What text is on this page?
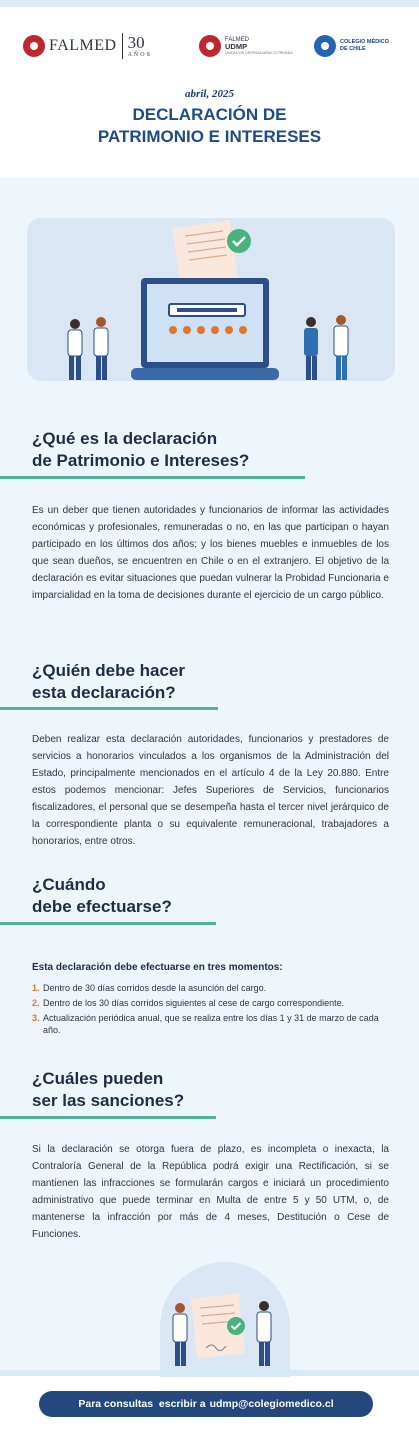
FALMED 30
AÑOS
FALMED
UDMP
UNIDAD DE DEFENSA MÉDICO PRIVADA
COLEGIO MÉDICO DE CHILE
abril, 2025
DECLARACIÓN DE
PATRIMONIO E INTERESES
¿Qué es la declaración
de Patrimonio e Intereses?

Es un deber que tienen autoridades y funcionarios de informar las actividades económicas y profesionales, remuneradas o no, en las que participan o hayan participado en los últimos dos años; y los bienes muebles e inmuebles de los que sean dueños, se encuentren en Chile o en el extranjero. El objetivo de la declaración es evitar situaciones que puedan vulnerar la Probidad Funcionaria e imparcialidad en la toma de decisiones durante el ejercicio de un cargo público.

¿Quién debe hacer
esta declaración?

Deben realizar esta declaración autoridades, funcionarios y prestadores de servicios a honorarios vinculados a los organismos de la Administración del Estado, principalmente mencionados en el artículo 4 de la Ley 20.880. Entre estos podemos mencionar: Jefes Superiores de Servicios, funcionarios fiscalizadores, el personal que se desempeña hasta el tercer nivel jerárquico de la correspondiente planta o su equivalente remuneracional, trabajadores a honorarios, entre otros.

¿Cuándo
debe efectuarse?
Esta declaración debe efectuarse en tres momentos:
1. Dentro de 30 días corridos desde la asunción del cargo.
2. Dentro de los 30 días corridos siguientes al cese de cargo correspondiente.
3. Actualización periódica anual, que se realiza entre los días 1 y 31 de marzo de cada año.
¿Cuáles pueden
ser las sanciones?

Si la declaración se otorga fuera de plazo, es incompleta o inexacta, la Contraloría General de la República podrá exigir una Rectificación, si se mantienen las infracciones se formularán cargos e iniciará un procedimiento administrativo que puede terminar en Multa de entre 5 y 50 UTM, o, de mantenerse la infracción por más de 4 meses, Destitución o Cese de Funciones.

Para consultas  escribir a udmp@colegiomedico.cl
